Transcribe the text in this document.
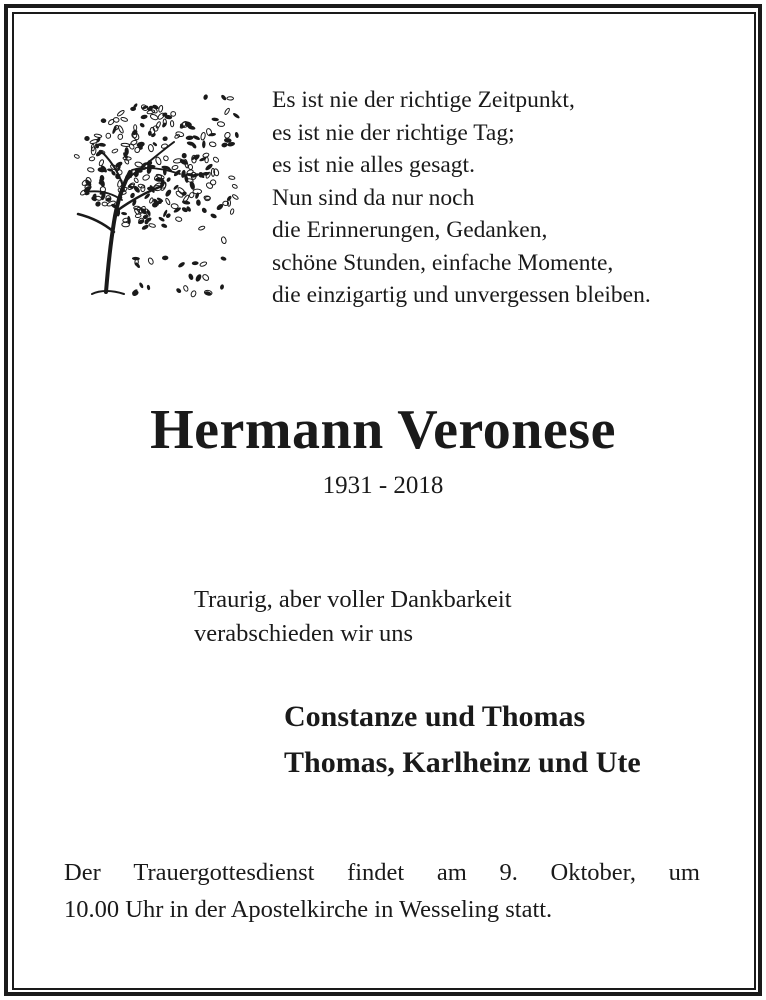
Es ist nie der richtige Zeitpunkt,
es ist nie der richtige Tag;
es ist nie alles gesagt.
Nun sind da nur noch
die Erinnerungen, Gedanken,
schöne Stunden, einfache Momente,
die einzigartig und unvergessen bleiben.
Hermann Veronese
1931 - 2018
Traurig, aber voller Dankbarkeit
verabschieden wir uns
Constanze und Thomas
Thomas, Karlheinz und Ute
Der Trauergottesdienst findet am 9. Oktober, um
10.00 Uhr in der Apostelkirche in Wesseling statt.
